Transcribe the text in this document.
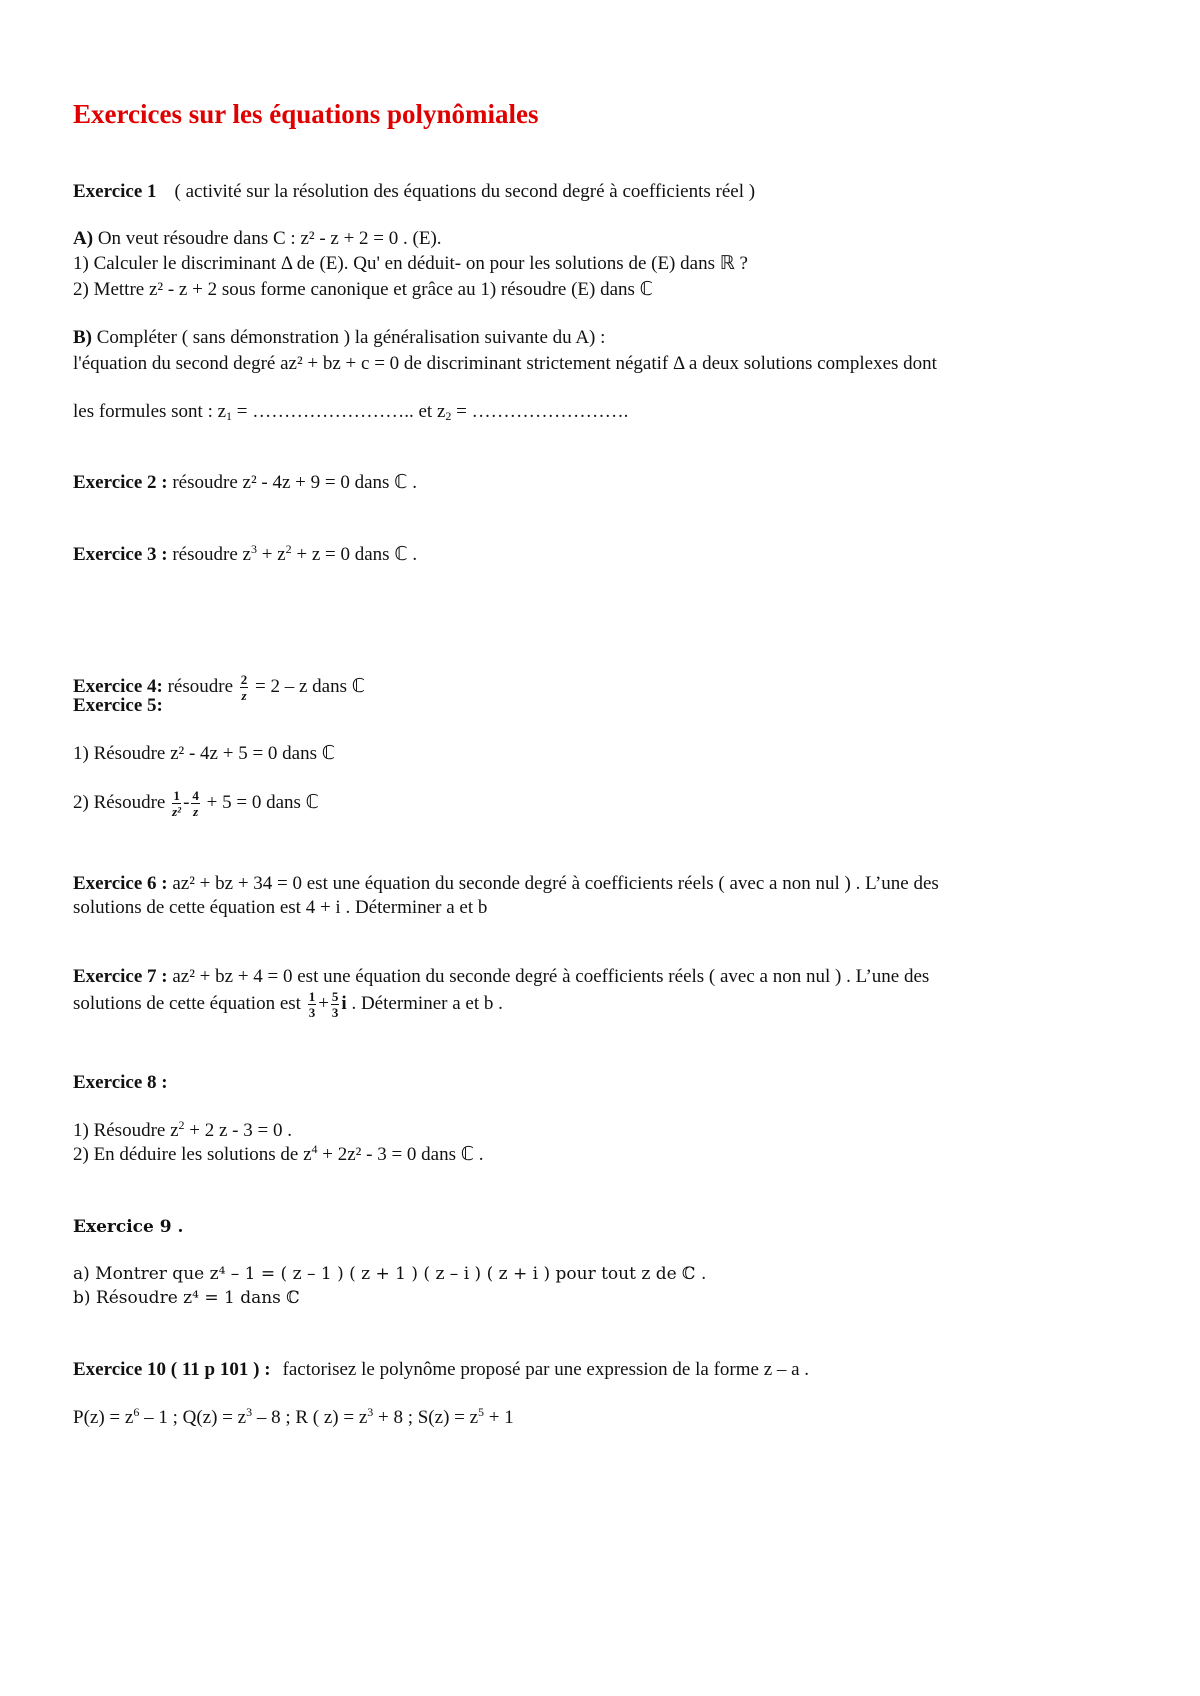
Exercices sur les équations polynômiales
Exercice 1 ( activité sur la résolution des équations du second degré à coefficients réel )
A) On veut résoudre dans C : z² - z + 2 = 0 . (E).
1) Calculer le discriminant Δ de (E). Qu' en déduit- on pour les solutions de (E) dans ℝ ?
2) Mettre z² - z + 2 sous forme canonique et grâce au 1) résoudre (E) dans ℂ
B) Compléter ( sans démonstration ) la généralisation suivante du A) :
l'équation du second degré az² + bz + c = 0 de discriminant strictement négatif Δ a deux solutions complexes dont
les formules sont : $z_1$ = …………………….. et $z_2$ = …………………….
Exercice 2 : résoudre z² - 4z + 9 = 0 dans ℂ .
Exercice 3 : résoudre $z^3 + z^2 + z = 0$ dans ℂ .
Exercice 4: résoudre $\frac{2}{z} = 2 - z$ dans ℂ
Exercice 5:
1) Résoudre z² - 4z + 5 = 0 dans ℂ
2) Résoudre $\frac{1}{\text{z²}} - \frac{4}{z} + 5 = 0$ dans ℂ
Exercice 6 : az² + bz + 34 = 0 est une équation du seconde degré à coefficients réels ( avec a non nul ) . L’une des
solutions de cette équation est 4 + i . Déterminer a et b
Exercice 7 : az² + bz + 4 = 0 est une équation du seconde degré à coefficients réels ( avec a non nul ) . L’une des
solutions de cette équation est $\frac{1}{3} + \frac{5}{3}$ i . Déterminer a et b .
Exercice 8 :
1) Résoudre $z^2 + 2$ z - 3 = 0 .
2) En déduire les solutions de $z^4 + 2z^2 - 3 = 0$ dans ℂ .
Exercice 9 .
a) Montrer que z⁴ – 1 = ( z – 1 ) ( z + 1 ) ( z – i ) ( z + i ) pour tout z de ℂ .
b) Résoudre z⁴ = 1 dans ℂ
Exercice 10 ( 11 p 101 ) : factorisez le polynôme proposé par une expression de la forme z – a .
$P(z) = z^6 - 1$ ; $Q(z) = z^3 - 8$ ; R ( $z) = z^3 + 8$ ; $S(z) = z^5 + 1$
